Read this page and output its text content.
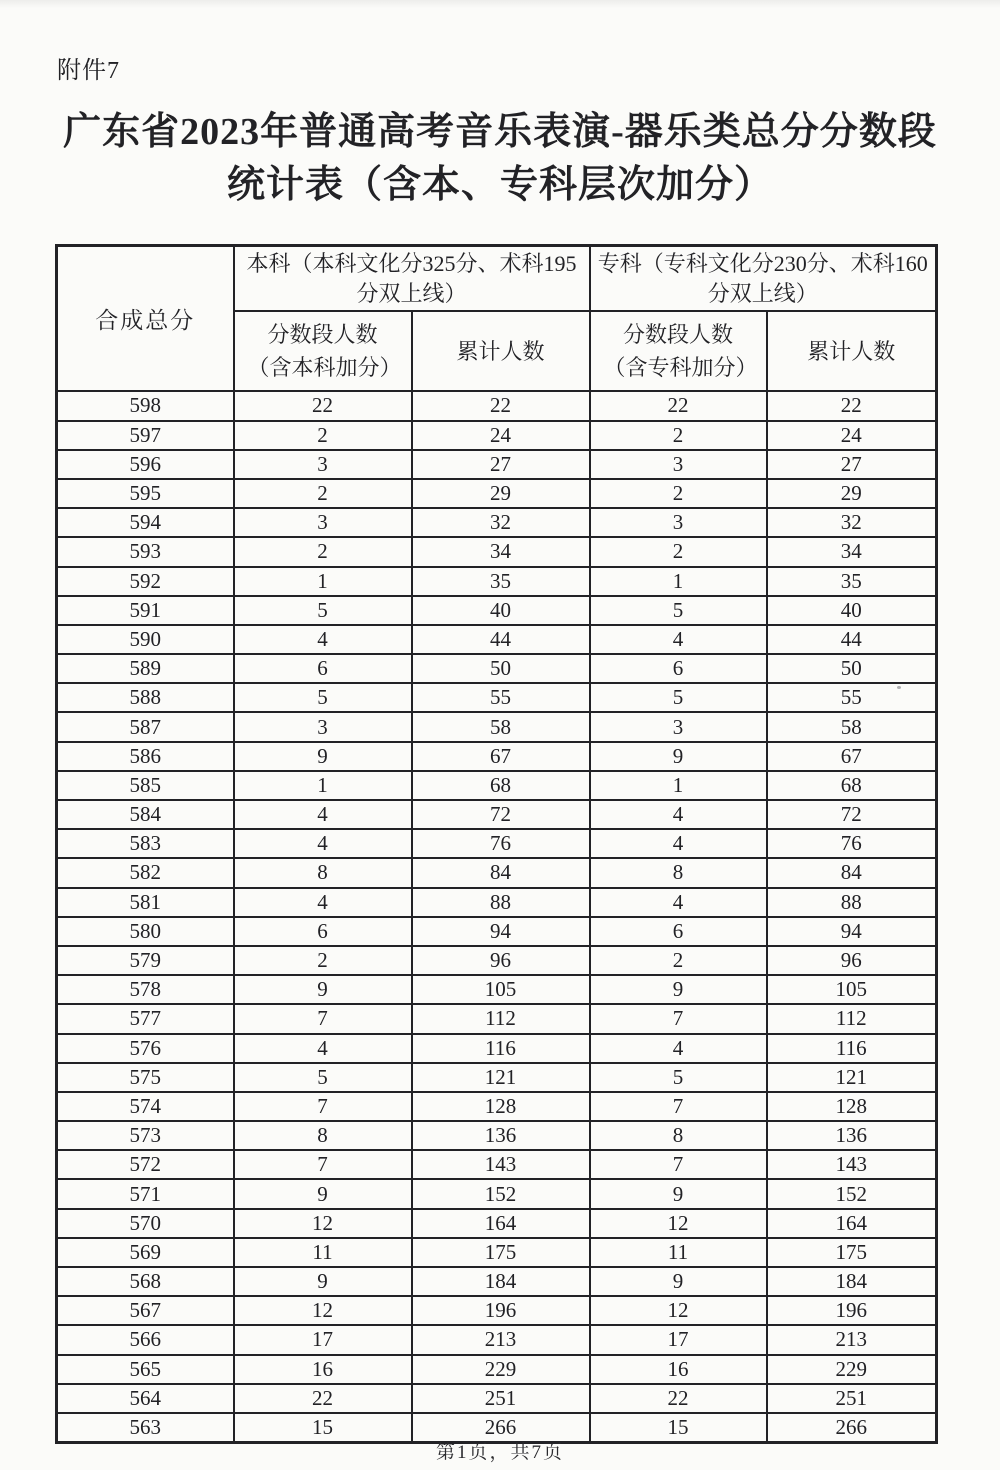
附件7
广东省2023年普通高考音乐表演-器乐类总分分数段
统计表（含本、专科层次加分）
合成总分	本科（本科文化分325分、术科195分双上线）		专科（专科文化分230分、术科160分双上线）	
	分数段人数（含本科加分）	累计人数	分数段人数（含专科加分）	累计人数
598	22	22	22	22
597	2	24	2	24
596	3	27	3	27
595	2	29	2	29
594	3	32	3	32
593	2	34	2	34
592	1	35	1	35
591	5	40	5	40
590	4	44	4	44
589	6	50	6	50
588	5	55	5	55
587	3	58	3	58
586	9	67	9	67
585	1	68	1	68
584	4	72	4	72
583	4	76	4	76
582	8	84	8	84
581	4	88	4	88
580	6	94	6	94
579	2	96	2	96
578	9	105	9	105
577	7	112	7	112
576	4	116	4	116
575	5	121	5	121
574	7	128	7	128
573	8	136	8	136
572	7	143	7	143
571	9	152	9	152
570	12	164	12	164
569	11	175	11	175
568	9	184	9	184
567	12	196	12	196
566	17	213	17	213
565	16	229	16	229
564	22	251	22	251
563	15	266	15	266
第1页，共7页
